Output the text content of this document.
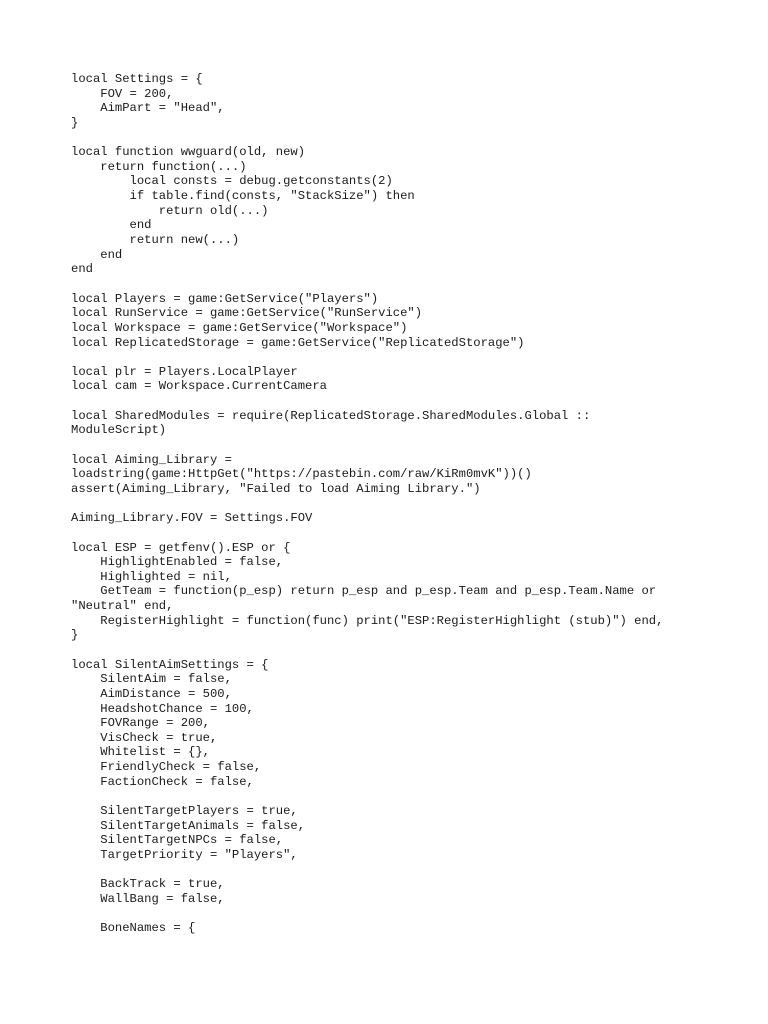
local Settings = {
FOV = 200,
AimPart = "Head",
}
local function wwguard(old, new)
return function(...)
local consts = debug.getconstants(2)
if table.find(consts, "StackSize") then
return old(...)
end
return new(...)
end
end
local Players = game:GetService("Players")
local RunService = game:GetService("RunService")
local Workspace = game:GetService("Workspace")
local ReplicatedStorage = game:GetService("ReplicatedStorage")
local plr = Players.LocalPlayer
local cam = Workspace.CurrentCamera
local SharedModules = require(ReplicatedStorage.SharedModules.Global ::
ModuleScript)
local Aiming_Library =
loadstring(game:HttpGet("https://pastebin.com/raw/KiRm0mvK"))()
assert(Aiming_Library, "Failed to load Aiming Library.")
Aiming_Library.FOV = Settings.FOV
local ESP = getfenv().ESP or {
HighlightEnabled = false,
Highlighted = nil,
GetTeam = function(p_esp) return p_esp and p_esp.Team and p_esp.Team.Name or
"Neutral" end,
RegisterHighlight = function(func) print("ESP:RegisterHighlight (stub)") end,
}
local SilentAimSettings = {
SilentAim = false,
AimDistance = 500,
HeadshotChance = 100,
FOVRange = 200,
VisCheck = true,
Whitelist = {},
FriendlyCheck = false,
FactionCheck = false,
SilentTargetPlayers = true,
SilentTargetAnimals = false,
SilentTargetNPCs = false,
TargetPriority = "Players",
BackTrack = true,
WallBang = false,
BoneNames = {
